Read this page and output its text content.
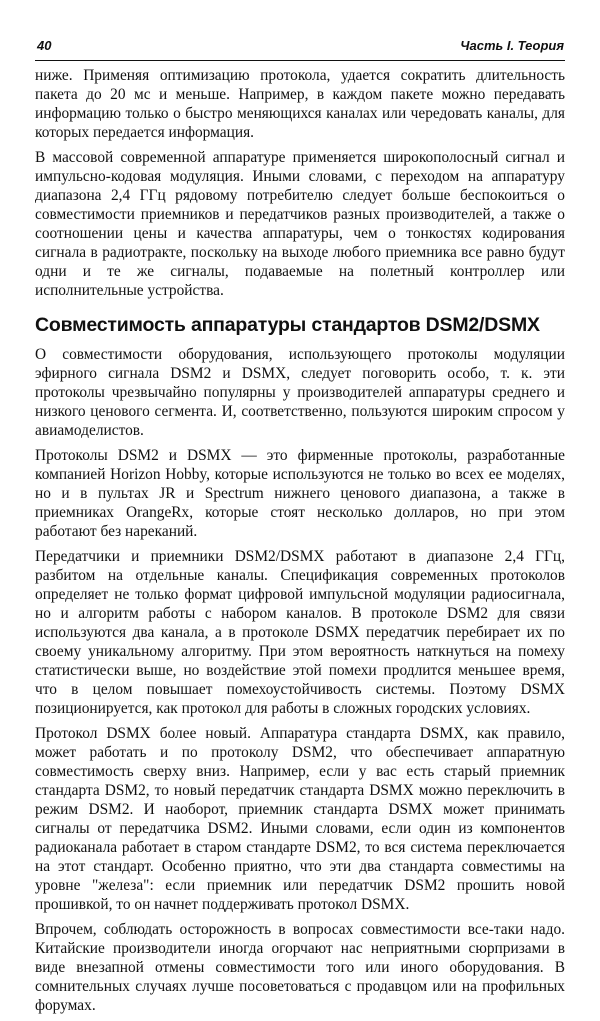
40	Часть I. Теория

ниже. Применяя оптимизацию протокола, удается сократить длительность пакета до 20 мс и меньше. Например, в каждом пакете можно передавать информацию только о быстро меняющихся каналах или чередовать каналы, для которых передается информация.

В массовой современной аппаратуре применяется широкополосный сигнал и импульсно-кодовая модуляция. Иными словами, с переходом на аппаратуру диапазона 2,4 ГГц рядовому потребителю следует больше беспокоиться о совместимости приемников и передатчиков разных производителей, а также о соотношении цены и качества аппаратуры, чем о тонкостях кодирования сигнала в радиотракте, поскольку на выходе любого приемника все равно будут одни и те же сигналы, подаваемые на полетный контроллер или исполнительные устройства.

Совместимость аппаратуры стандартов DSM2/DSMX

О совместимости оборудования, использующего протоколы модуляции эфирного сигнала DSM2 и DSMX, следует поговорить особо, т. к. эти протоколы чрезвычайно популярны у производителей аппаратуры среднего и низкого ценового сегмента. И, соответственно, пользуются широким спросом у авиамоделистов.

Протоколы DSM2 и DSMX — это фирменные протоколы, разработанные компанией Horizon Hobby, которые используются не только во всех ее моделях, но и в пультах JR и Spectrum нижнего ценового диапазона, а также в приемниках OrangeRx, которые стоят несколько долларов, но при этом работают без нареканий.

Передатчики и приемники DSM2/DSMX работают в диапазоне 2,4 ГГц, разбитом на отдельные каналы. Спецификация современных протоколов определяет не только формат цифровой импульсной модуляции радиосигнала, но и алгоритм работы с набором каналов. В протоколе DSM2 для связи используются два канала, а в протоколе DSMX передатчик перебирает их по своему уникальному алгоритму. При этом вероятность наткнуться на помеху статистически выше, но воздействие этой помехи продлится меньшее время, что в целом повышает помехоустойчивость системы. Поэтому DSMX позиционируется, как протокол для работы в сложных городских условиях.

Протокол DSMX более новый. Аппаратура стандарта DSMX, как правило, может работать и по протоколу DSM2, что обеспечивает аппаратную совместимость сверху вниз. Например, если у вас есть старый приемник стандарта DSM2, то новый передатчик стандарта DSMX можно переключить в режим DSM2. И наоборот, приемник стандарта DSMX может принимать сигналы от передатчика DSM2. Иными словами, если один из компонентов радиоканала работает в старом стандарте DSM2, то вся система переключается на этот стандарт. Особенно приятно, что эти два стандарта совместимы на уровне "железа": если приемник или передатчик DSM2 прошить новой прошивкой, то он начнет поддерживать протокол DSMX.

Впрочем, соблюдать осторожность в вопросах совместимости все-таки надо. Китайские производители иногда огорчают нас неприятными сюрпризами в виде внезапной отмены совместимости того или иного оборудования. В сомнительных случаях лучше посоветоваться с продавцом или на профильных форумах.
